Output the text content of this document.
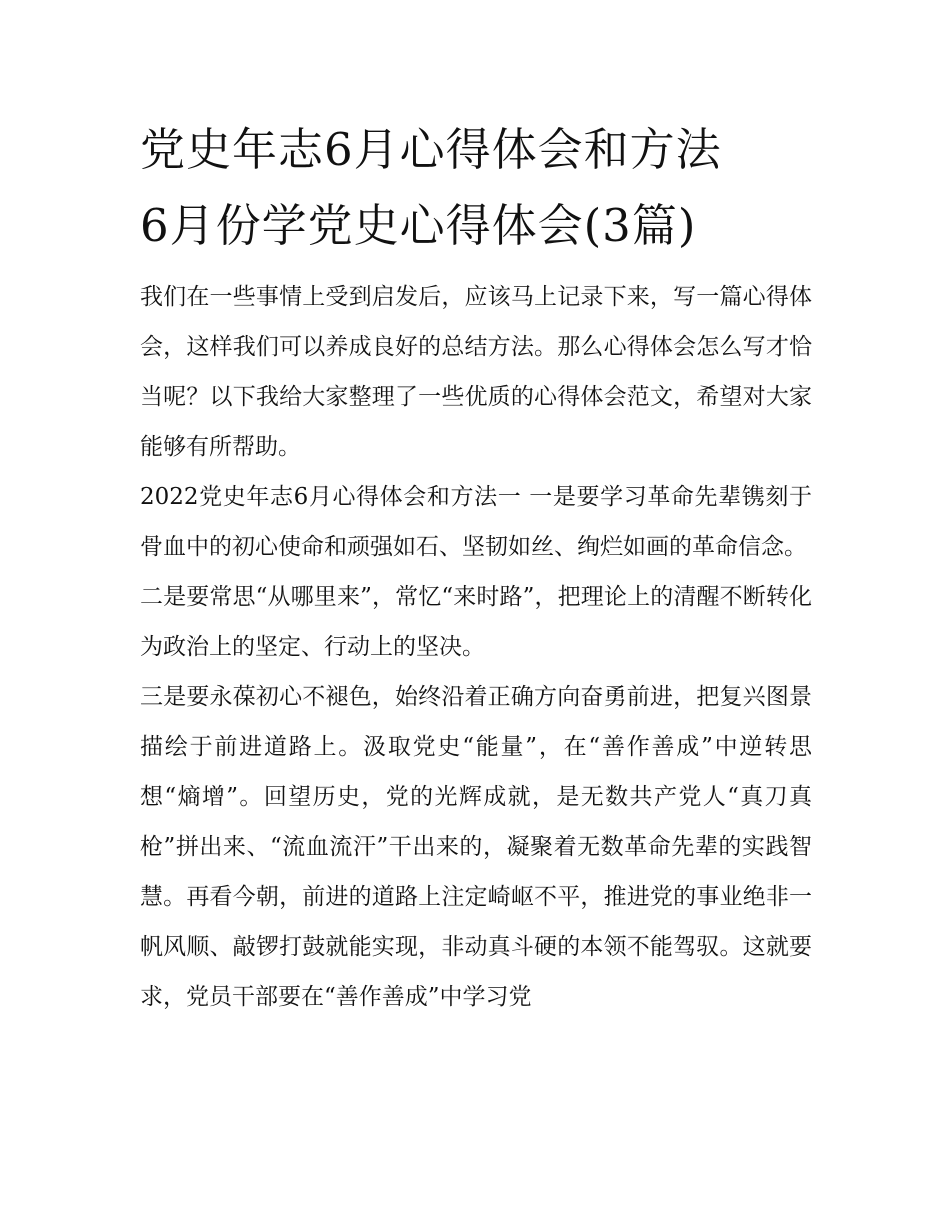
党史年志6月心得体会和方法
6月份学党史心得体会(3篇)

我们在一些事情上受到启发后，应该马上记录下来，写一篇心得体会，这样我们可以养成良好的总结方法。那么心得体会怎么写才恰当呢？以下我给大家整理了一些优质的心得体会范文，希望对大家能够有所帮助。

2022党史年志6月心得体会和方法一 一是要学习革命先辈镌刻于骨血中的初心使命和顽强如石、坚韧如丝、绚烂如画的革命信念。

二是要常思“从哪里来”，常忆“来时路”，把理论上的清醒不断转化为政治上的坚定、行动上的坚决。

三是要永葆初心不褪色，始终沿着正确方向奋勇前进，把复兴图景描绘于前进道路上。汲取党史“能量”，在“善作善成”中逆转思想“熵增”。回望历史，党的光辉成就，是无数共产党人“真刀真枪”拼出来、“流血流汗”干出来的，凝聚着无数革命先辈的实践智慧。再看今朝，前进的道路上注定崎岖不平，推进党的事业绝非一帆风顺、敲锣打鼓就能实现，非动真斗硬的本领不能驾驭。这就要求，党员干部要在“善作善成”中学习党
